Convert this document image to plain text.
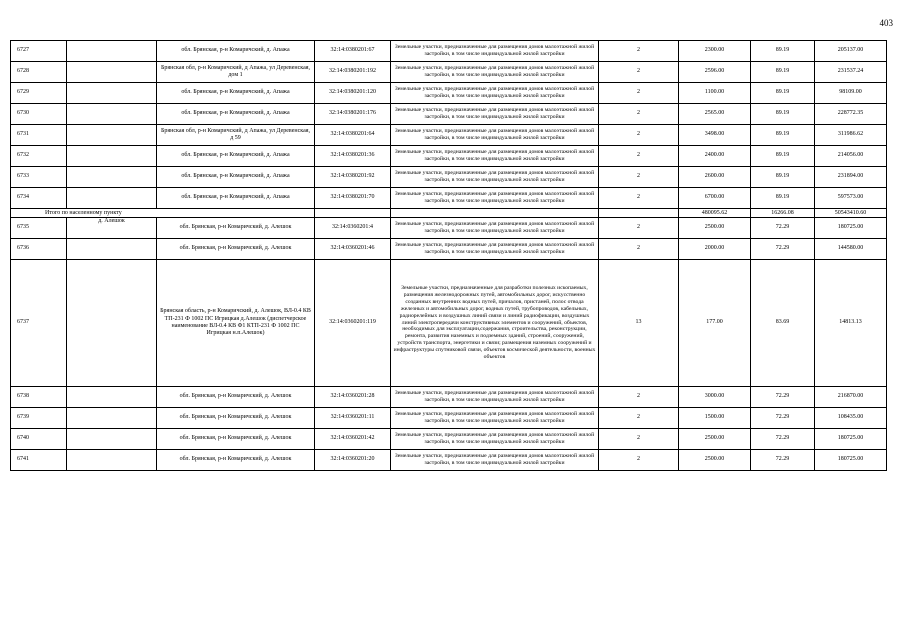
403
6727		обл. Брянская, р-н Комаричский, д. Апажа	32:14:0380201:67	Земельные участки, предназначенные для размещения домов малоэтажной жилой застройки, в том числе индивидуальной жилой застройки	2	2300.00	89.19	205137.00
6728		Брянская обл, р-н Комаричский, д Апажа, ул Деревенская, дом 1	32:14:0380201:192	Земельные участки, предназначенные для размещения домов малоэтажной жилой застройки, в том числе индивидуальной жилой застройки	2	2596.00	89.19	231537.24
6729		обл. Брянская, р-н Комаричский, д. Апажа	32:14:0380201:120	Земельные участки, предназначенные для размещения домов малоэтажной жилой застройки, в том числе индивидуальной жилой застройки	2	1100.00	89.19	98109.00
6730		обл. Брянская, р-н Комаричский, д. Апажа	32:14:0380201:176	Земельные участки, предназначенные для размещения домов малоэтажной жилой застройки, в том числе индивидуальной жилой застройки	2	2565.00	89.19	228772.35
6731		Брянская обл, р-н Комаричский, д Апажа, ул Деревенская, д 59	32:14:0380201:64	Земельные участки, предназначенные для размещения домов малоэтажной жилой застройки, в том числе индивидуальной жилой застройки	2	3498.00	89.19	311986.62
6732		обл. Брянская, р-н Комаричский, д. Апажа	32:14:0380201:36	Земельные участки, предназначенные для размещения домов малоэтажной жилой застройки, в том числе индивидуальной жилой застройки	2	2400.00	89.19	214056.00
6733		обл. Брянская, р-н Комаричский, д. Апажа	32:14:0380201:92	Земельные участки, предназначенные для размещения домов малоэтажной жилой застройки, в том числе индивидуальной жилой застройки	2	2600.00	89.19	231894.00
6734		обл. Брянская, р-н Комаричский, д. Апажа	32:14:0380201:70	Земельные участки, предназначенные для размещения домов малоэтажной жилой застройки, в том числе индивидуальной жилой застройки	2	6700.00	89.19	597573.00
Итого по населенному пункту						480095.62	16266.08	50543410.60
6735	д. Алешок	обл. Брянская, р-н Комаричский, д. Алешок	32:14:0360201:4	Земельные участки, предназначенные для размещения домов малоэтажной жилой застройки, в том числе индивидуальной жилой застройки	2	2500.00	72.29	180725.00
6736		обл. Брянская, р-н Комаричский, д. Алешок	32:14:0360201:46	Земельные участки, предназначенные для размещения домов малоэтажной жилой застройки, в том числе индивидуальной жилой застройки	2	2000.00	72.29	144580.00
6737		Брянская область, р-н Комаричский, д. Алешок, ВЛ-0.4 КВ ТП-231 Ф 1002 ПС Игрицкая д.Алешок (диспетчерское наименование ВЛ-0.4 КВ Ф1 КТП-231 Ф 1002 ПС Игрицкая н.п.Алешок)	32:14:0360201:119	Земельные участки, предназначенные для разработки полезных ископаемых, размещения железнодорожных путей, автомобильных дорог, искусственно созданных внутренних водных путей, причалов, пристаней, полос отвода железных и автомобильных дорог, водных путей, трубопроводов, кабельных, радиорелейных и воздушных линий связи и линий радиофикации, воздушных линий электропередачи конструктивных элементов и сооружений, объектов, необходимых для эксплуатации,содержания, строительства, реконструкции, ремонта, развития наземных и подземных зданий, строений, сооружений, устройств транспорта, энергетики и связи; размещения наземных сооружений и инфраструктуры спутниковой связи, объектов космической деятельности, военных объектов	13	177.00	83.69	14813.13
6738		обл. Брянская, р-н Комаричский, д. Алешок	32:14:0360201:28	Земельные участки, предназначенные для размещения домов малоэтажной жилой застройки, в том числе индивидуальной жилой застройки	2	3000.00	72.29	216870.00
6739		обл. Брянская, р-н Комаричский, д. Алешок	32:14:0360201:11	Земельные участки, предназначенные для размещения домов малоэтажной жилой застройки, в том числе индивидуальной жилой застройки	2	1500.00	72.29	108435.00
6740		обл. Брянская, р-н Комаричский, д. Алешок	32:14:0360201:42	Земельные участки, предназначенные для размещения домов малоэтажной жилой застройки, в том числе индивидуальной жилой застройки	2	2500.00	72.29	180725.00
6741		обл. Брянская, р-н Комаричский, д. Алешок	32:14:0360201:20	Земельные участки, предназначенные для размещения домов малоэтажной жилой застройки, в том числе индивидуальной жилой застройки	2	2500.00	72.29	180725.00
